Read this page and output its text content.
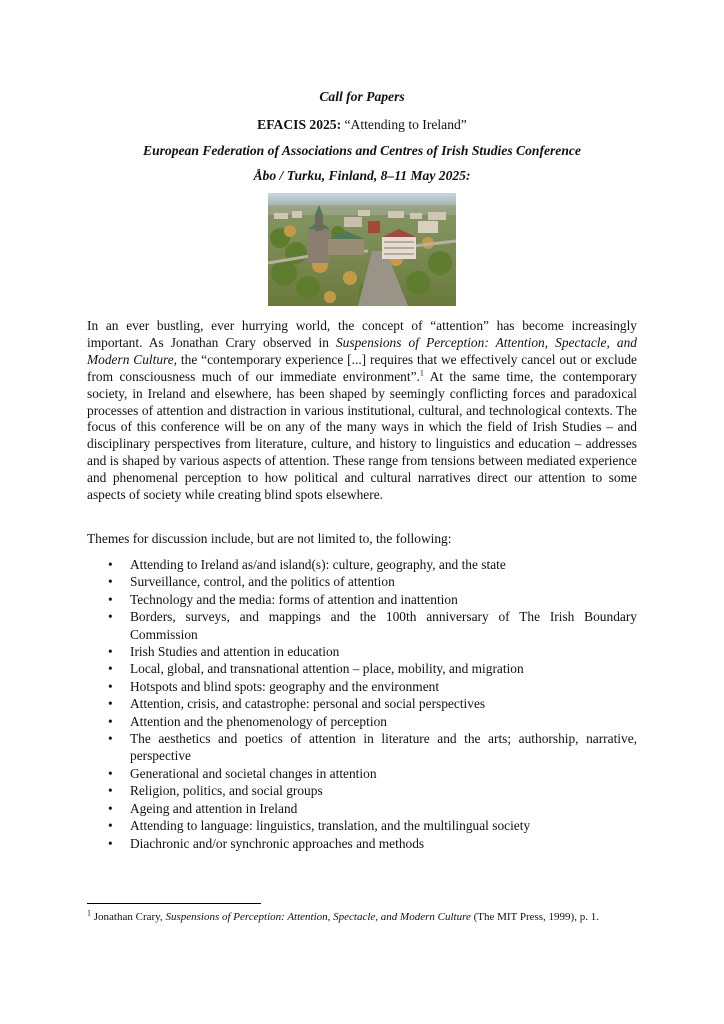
Call for Papers
EFACIS 2025: “Attending to Ireland”
European Federation of Associations and Centres of Irish Studies Conference
Åbo / Turku, Finland, 8–11 May 2025:
In an ever bustling, ever hurrying world, the concept of “attention” has become increasingly important. As Jonathan Crary observed in Suspensions of Perception: Attention, Spectacle, and Modern Culture, the “contemporary experience [...] requires that we effectively cancel out or exclude from consciousness much of our immediate environment”.$^1$ At the same time, the contemporary society, in Ireland and elsewhere, has been shaped by seemingly conflicting forces and paradoxical processes of attention and distraction in various institutional, cultural, and technological contexts. The focus of this conference will be on any of the many ways in which the field of Irish Studies – and disciplinary perspectives from literature, culture, and history to linguistics and education – addresses and is shaped by various aspects of attention. These range from tensions between mediated experience and phenomenal perception to how political and cultural narratives direct our attention to some aspects of society while creating blind spots elsewhere.
Themes for discussion include, but are not limited to, the following:
• Attending to Ireland as/and island(s): culture, geography, and the state
• Surveillance, control, and the politics of attention
• Technology and the media: forms of attention and inattention
• Borders, surveys, and mappings and the 100th anniversary of The Irish Boundary Commission
• Irish Studies and attention in education
• Local, global, and transnational attention – place, mobility, and migration
• Hotspots and blind spots: geography and the environment
• Attention, crisis, and catastrophe: personal and social perspectives
• Attention and the phenomenology of perception
• The aesthetics and poetics of attention in literature and the arts; authorship, narrative, perspective
• Generational and societal changes in attention
• Religion, politics, and social groups
• Ageing and attention in Ireland
• Attending to language: linguistics, translation, and the multilingual society
• Diachronic and/or synchronic approaches and methods
$^1$ Jonathan Crary, Suspensions of Perception: Attention, Spectacle, and Modern Culture (The MIT Press, 1999), p. 1.
